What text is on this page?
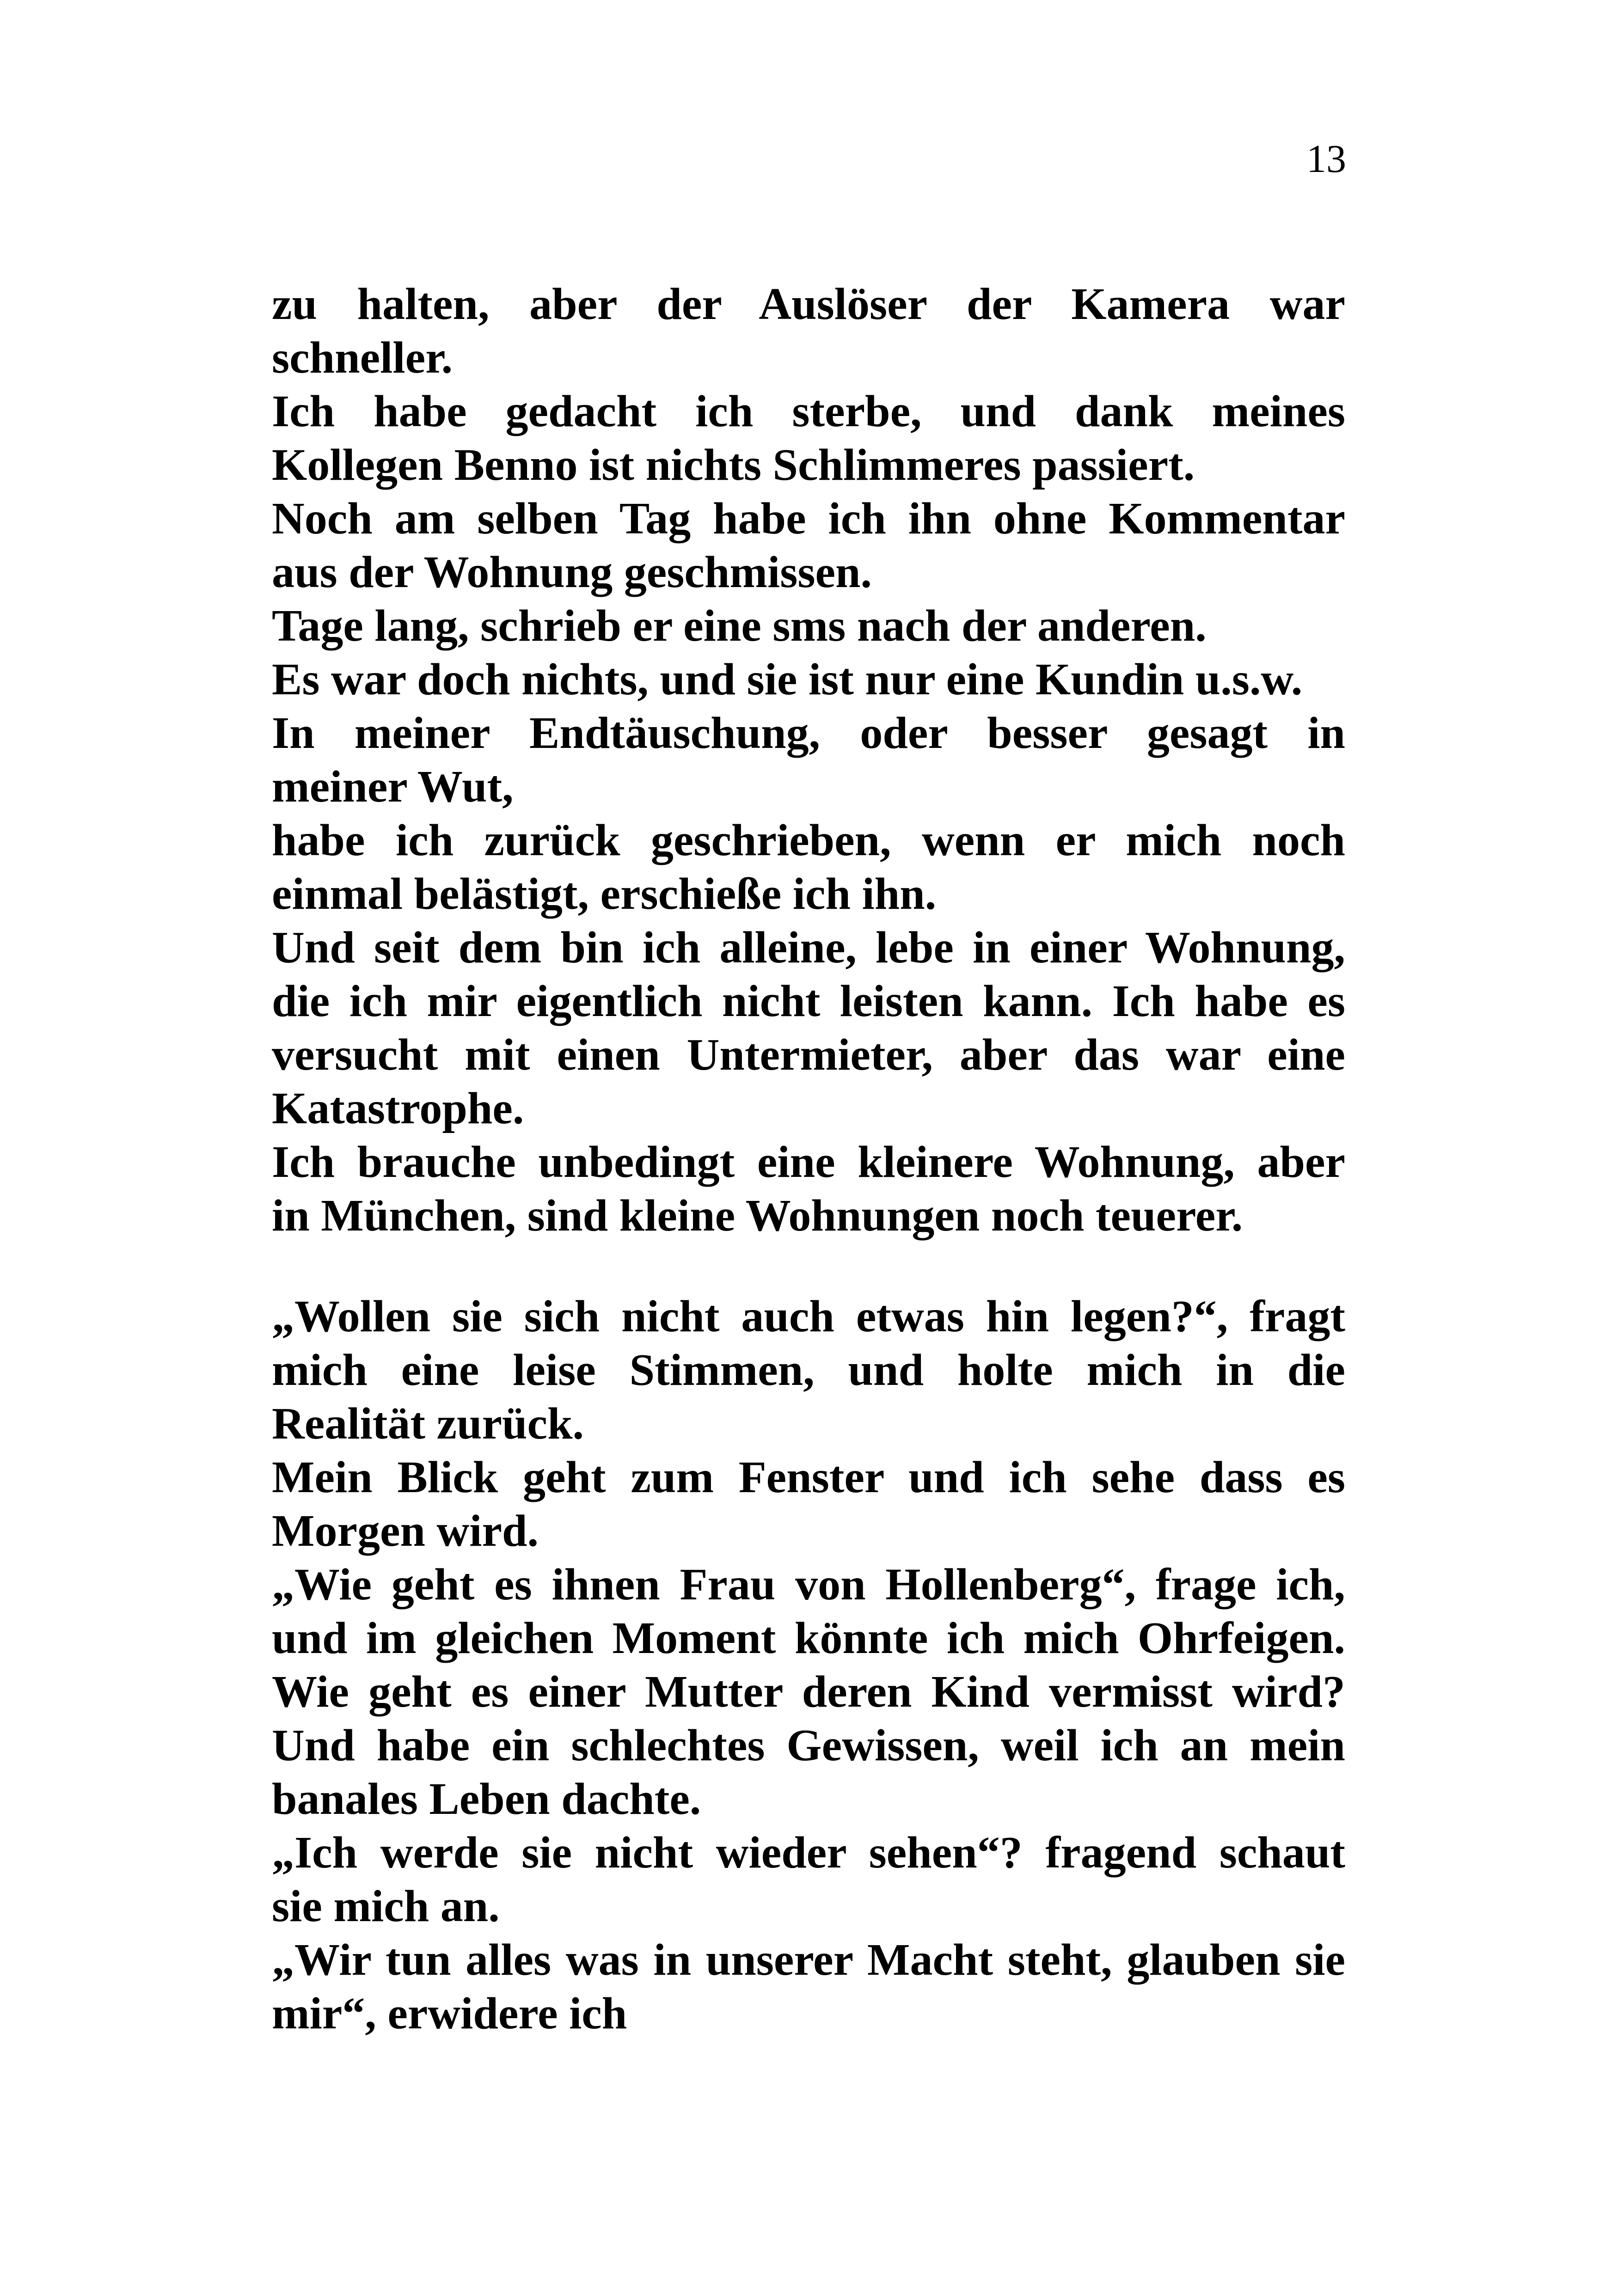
13
zu halten, aber der Auslöser der Kamera war
schneller.
Ich habe gedacht ich sterbe, und dank meines
Kollegen Benno ist nichts Schlimmeres passiert.
Noch am selben Tag habe ich ihn ohne Kommentar
aus der Wohnung geschmissen.
Tage lang, schrieb er eine sms nach der anderen.
Es war doch nichts, und sie ist nur eine Kundin u.s.w.
In meiner Endtäuschung, oder besser gesagt in
meiner Wut,
habe ich zurück geschrieben, wenn er mich noch
einmal belästigt, erschieße ich ihn.
Und seit dem bin ich alleine, lebe in einer Wohnung,
die ich mir eigentlich nicht leisten kann. Ich habe es
versucht mit einen Untermieter, aber das war eine
Katastrophe.
Ich brauche unbedingt eine kleinere Wohnung, aber
in München, sind kleine Wohnungen noch teuerer.
„Wollen sie sich nicht auch etwas hin legen?“, fragt
mich eine leise Stimmen, und holte mich in die
Realität zurück.
Mein Blick geht zum Fenster und ich sehe dass es
Morgen wird.
„Wie geht es ihnen Frau von Hollenberg“, frage ich,
und im gleichen Moment könnte ich mich Ohrfeigen.
Wie geht es einer Mutter deren Kind vermisst wird?
Und habe ein schlechtes Gewissen, weil ich an mein
banales Leben dachte.
„Ich werde sie nicht wieder sehen“? fragend schaut
sie mich an.
„Wir tun alles was in unserer Macht steht, glauben sie
mir“, erwidere ich
